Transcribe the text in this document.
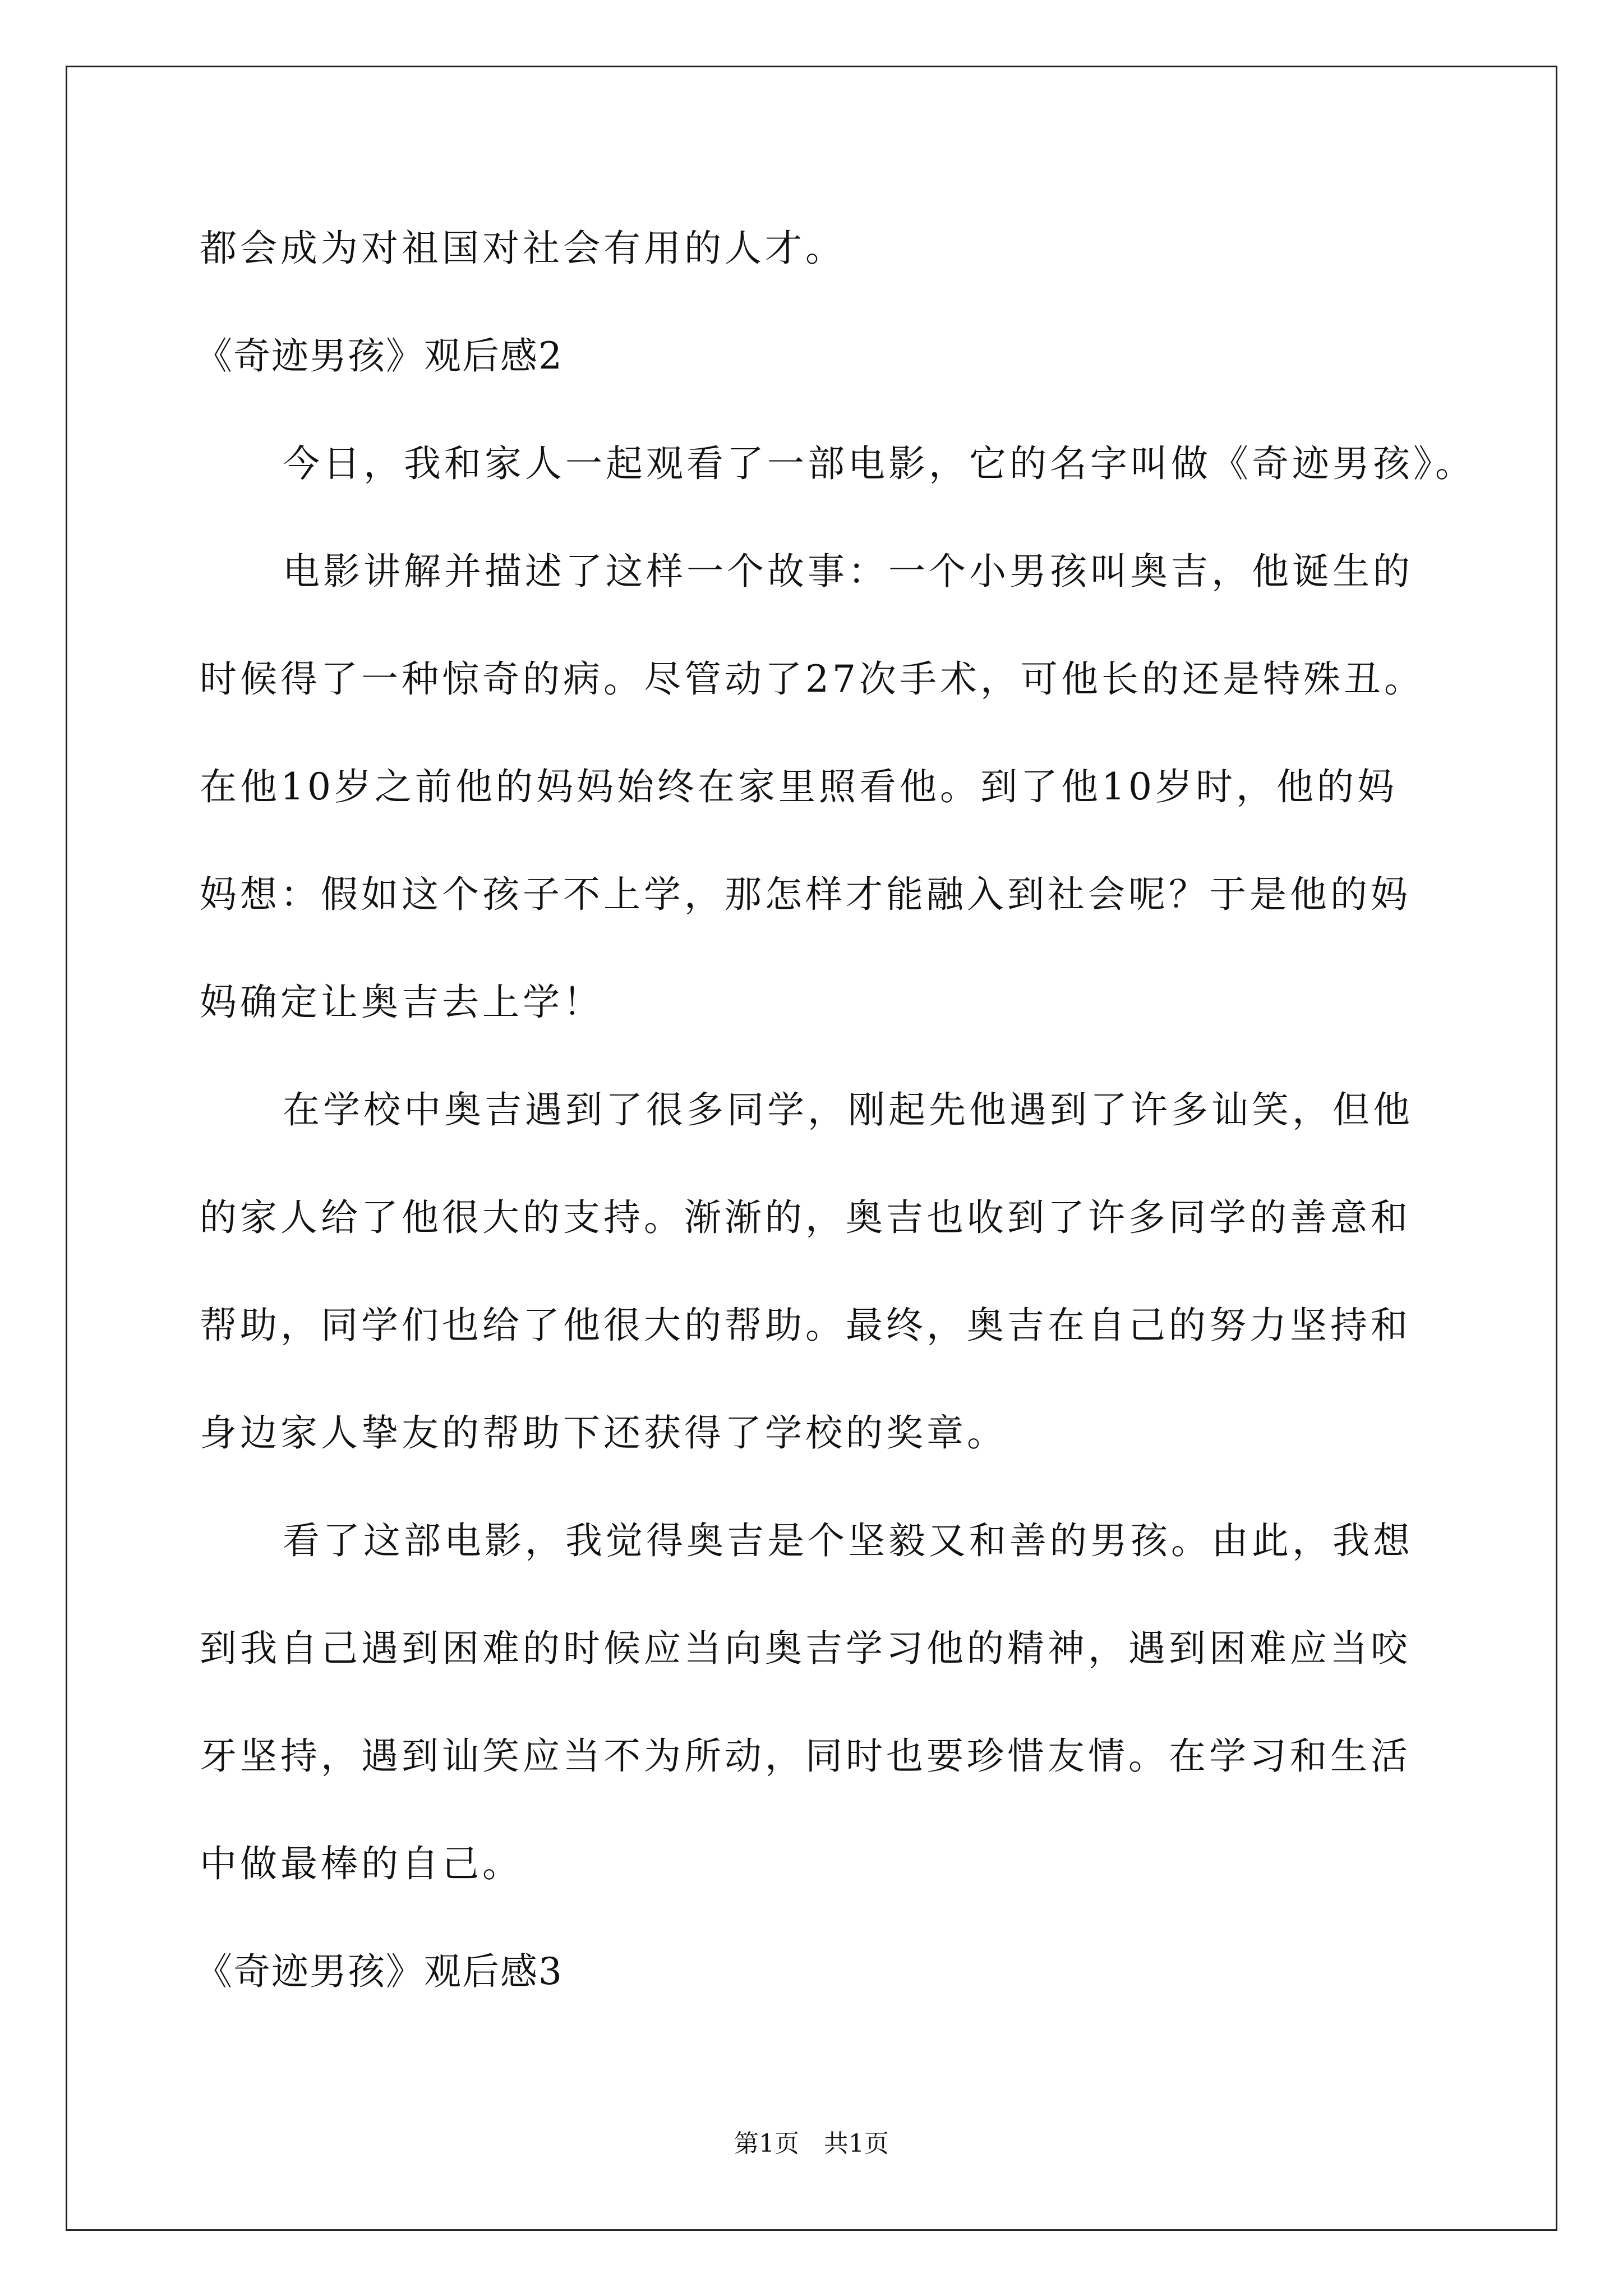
都会成为对祖国对社会有用的人才。
《奇迹男孩》观后感2
今日，我和家人一起观看了一部电影，它的名字叫做《奇迹男孩》。
电影讲解并描述了这样一个故事：一个小男孩叫奥吉，他诞生的
时候得了一种惊奇的病。尽管动了27次手术，可他长的还是特殊丑。
在他10岁之前他的妈妈始终在家里照看他。到了他10岁时，他的妈
妈想：假如这个孩子不上学，那怎样才能融入到社会呢？于是他的妈
妈确定让奥吉去上学！
在学校中奥吉遇到了很多同学，刚起先他遇到了许多讪笑，但他
的家人给了他很大的支持。渐渐的，奥吉也收到了许多同学的善意和
帮助，同学们也给了他很大的帮助。最终，奥吉在自己的努力坚持和
身边家人挚友的帮助下还获得了学校的奖章。
看了这部电影，我觉得奥吉是个坚毅又和善的男孩。由此，我想
到我自己遇到困难的时候应当向奥吉学习他的精神，遇到困难应当咬
牙坚持，遇到讪笑应当不为所动，同时也要珍惜友情。在学习和生活
中做最棒的自己。
《奇迹男孩》观后感3
第1页　共1页
